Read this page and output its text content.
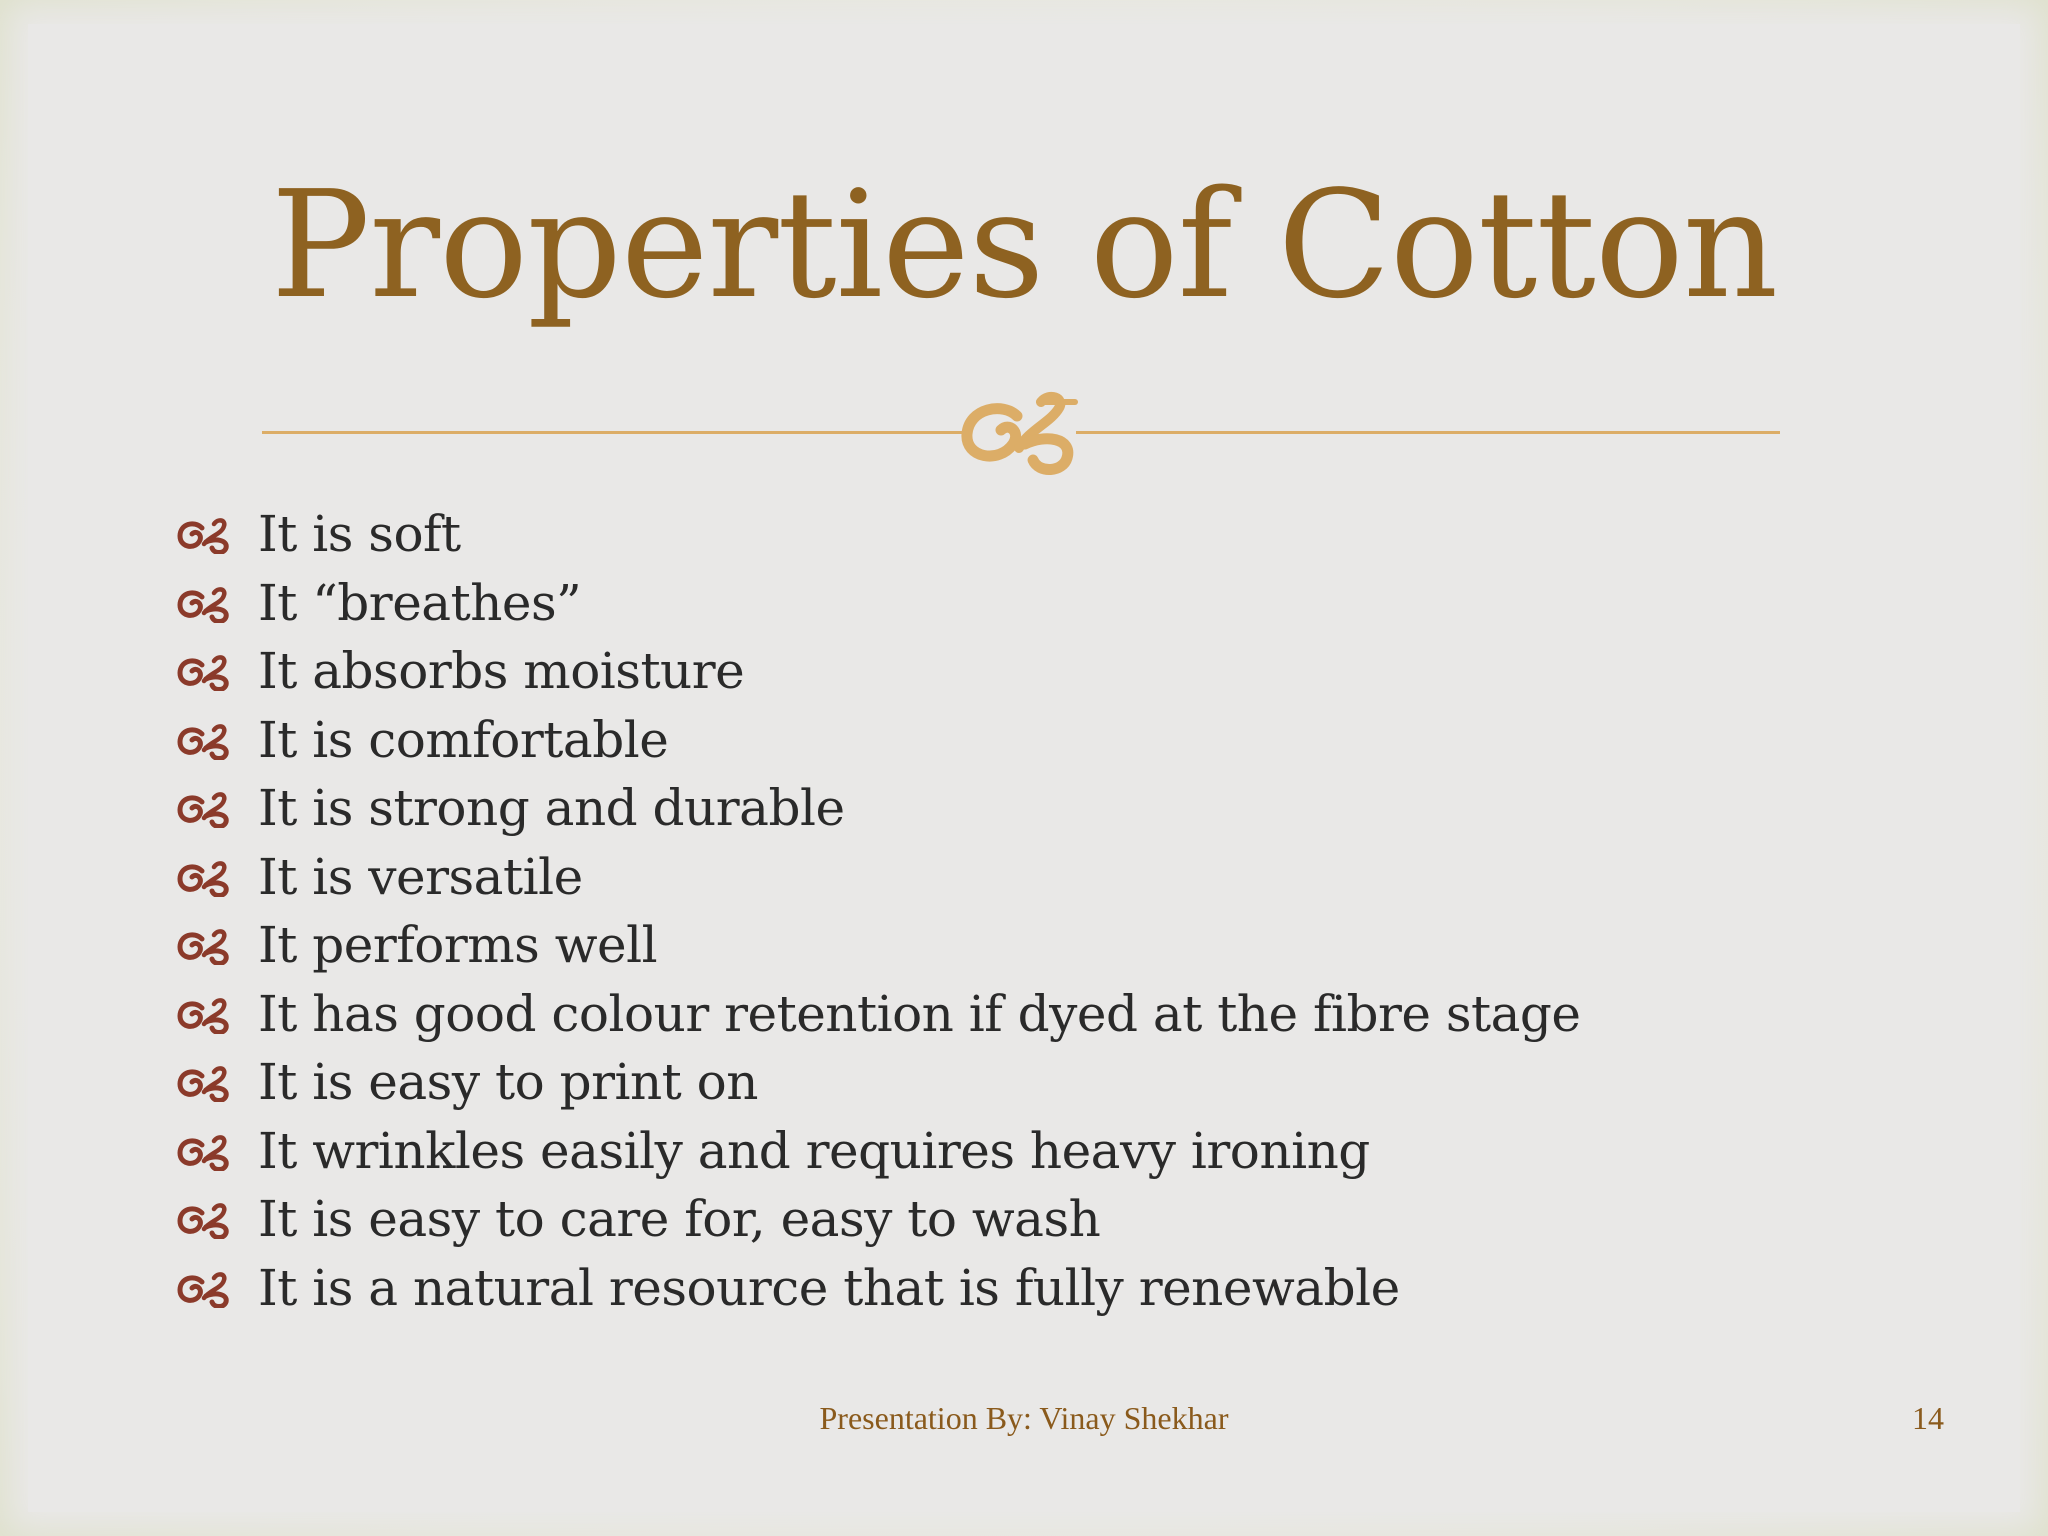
Properties of Cotton
It is soft
It “breathes”
It absorbs moisture
It is comfortable
It is strong and durable
It is versatile
It performs well
It has good colour retention if dyed at the fibre stage
It is easy to print on
It wrinkles easily and requires heavy ironing
It is easy to care for, easy to wash
It is a natural resource that is fully renewable
Presentation By: Vinay Shekhar	14
